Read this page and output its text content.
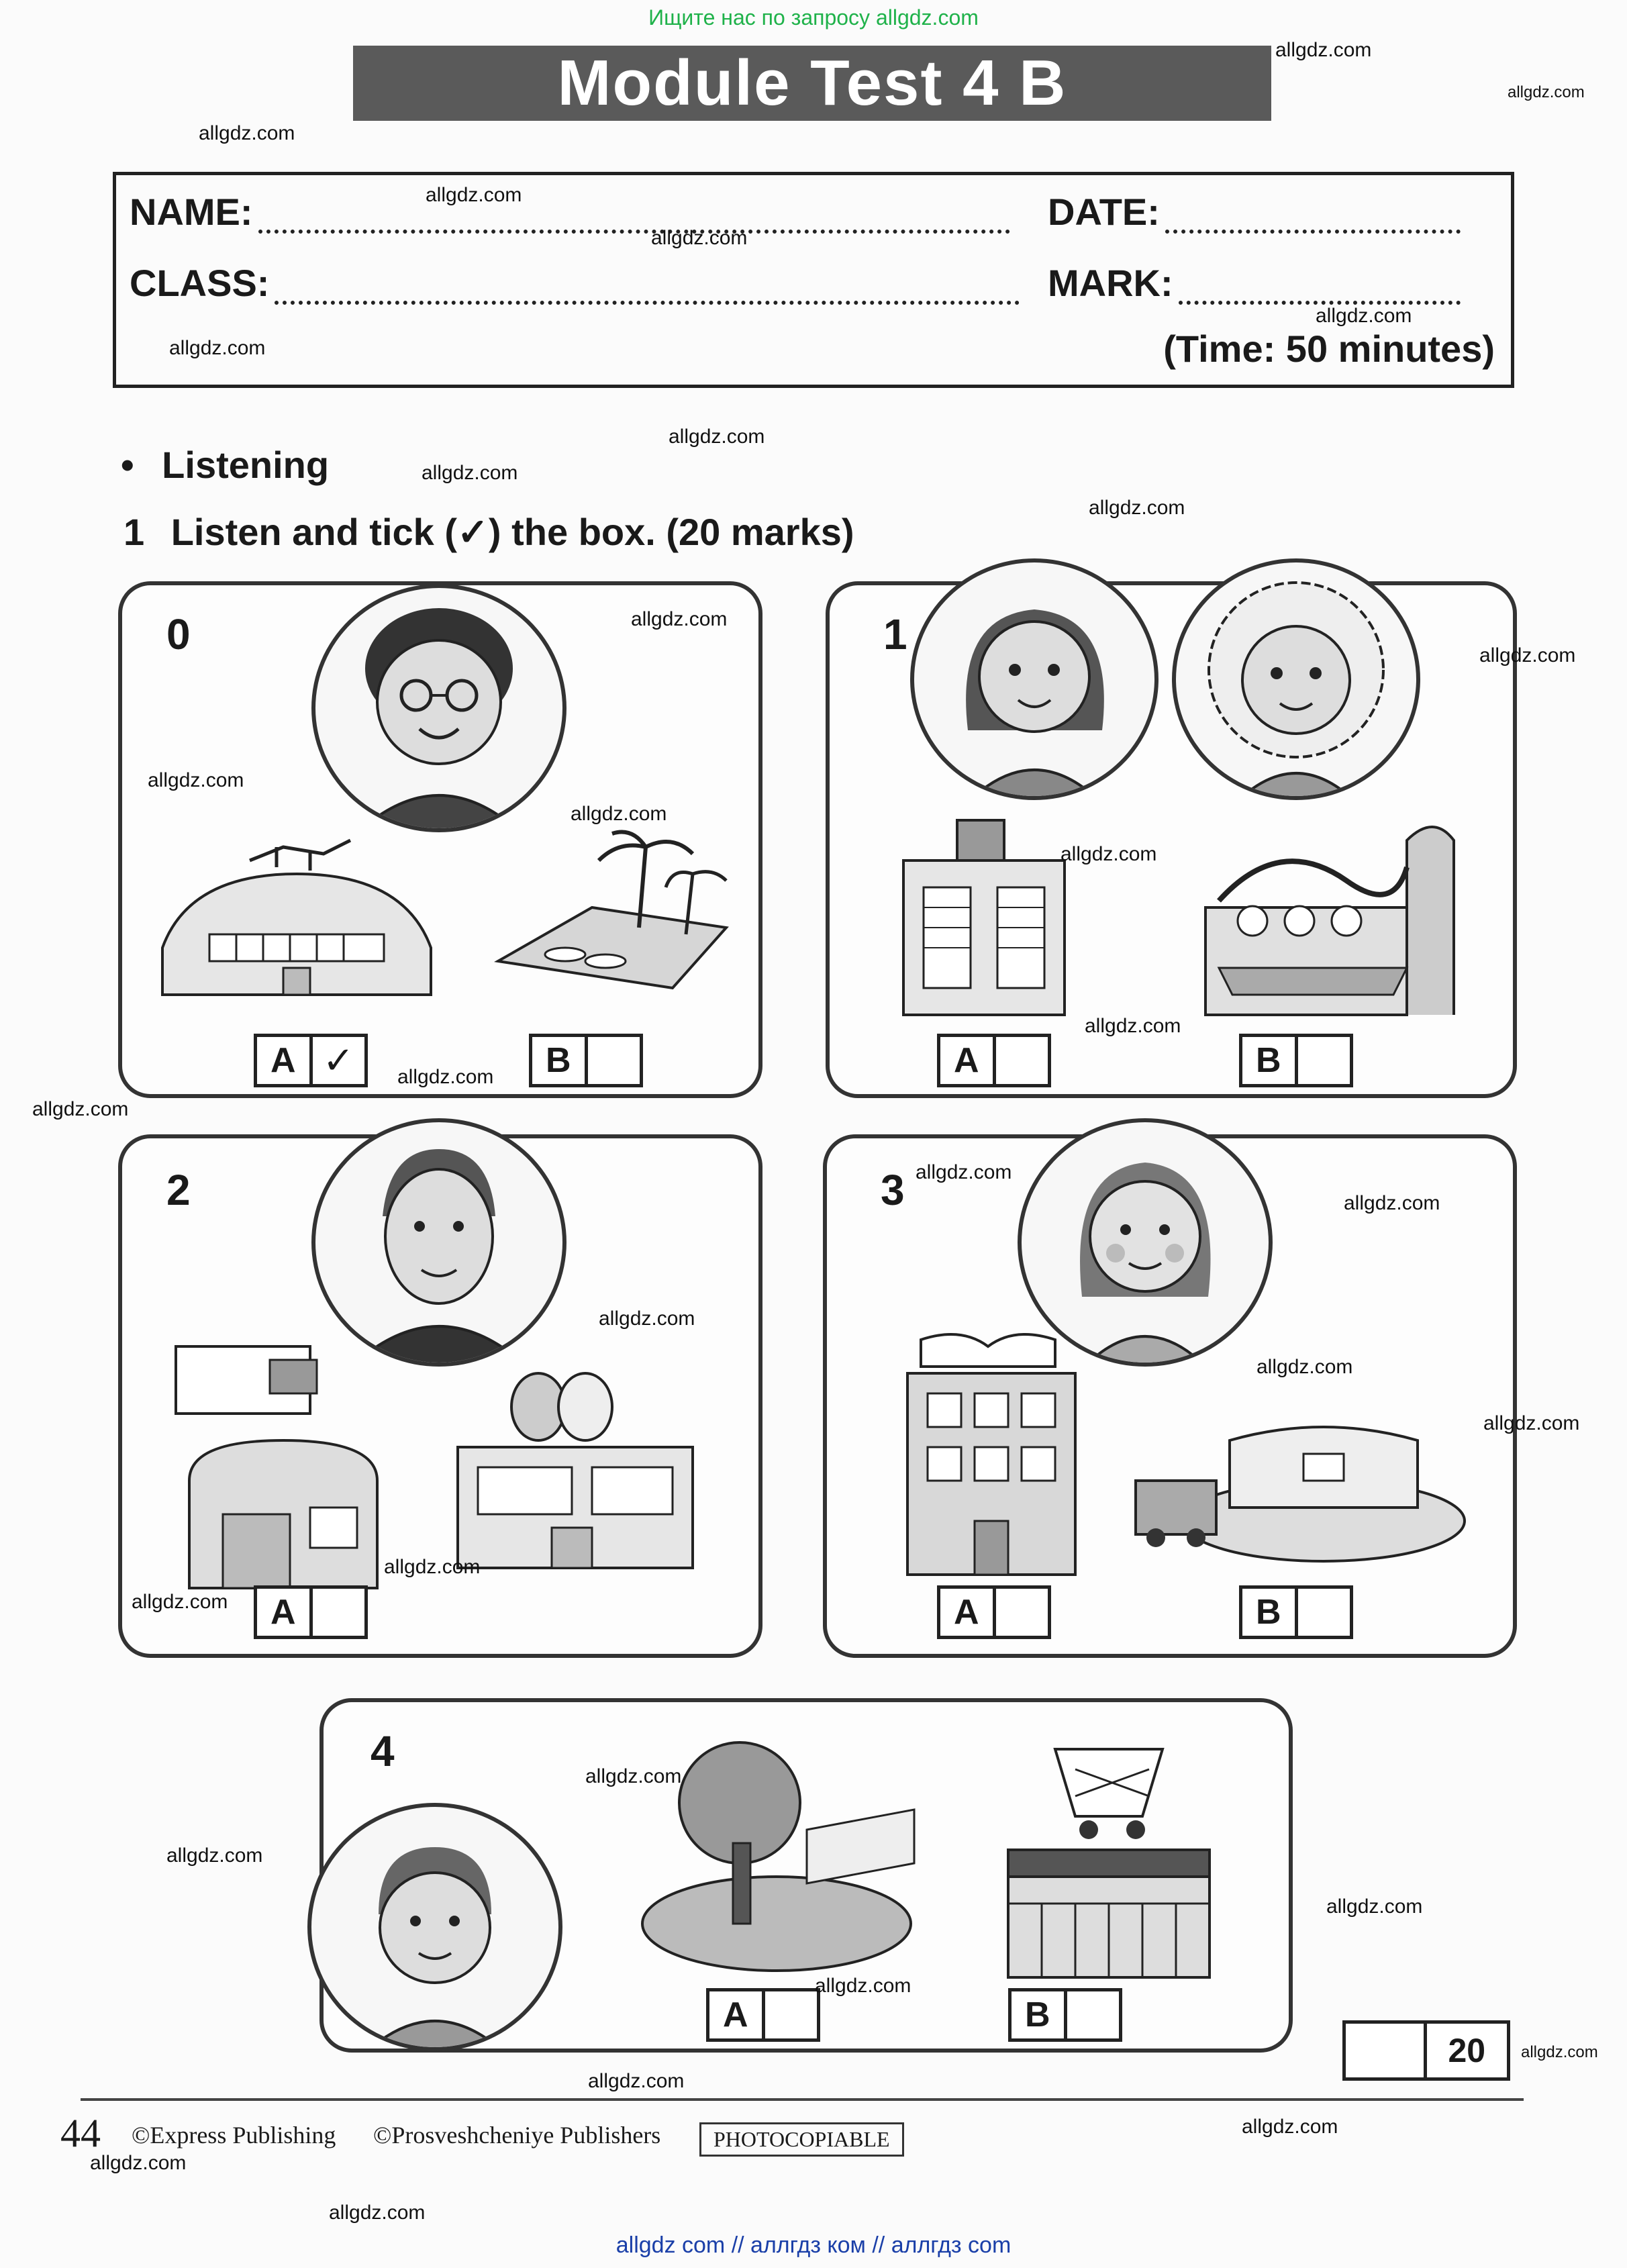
Ищите нас по запросу allgdz.com
Module Test 4 B
NAME:	DATE:
CLASS:	MARK:
(Time: 50 minutes)
• Listening
1 Listen and tick (✓) the box. (20 marks)
0
A ✓	B
1
A	B
2
A
3
A	B
4
A	B
20
44 ©Express Publishing ©Prosveshcheniye Publishers	PHOTOCOPIABLE
allgdz.com
allgdz.com
allgdz.com
allgdz.com
allgdz.com
allgdz.com
allgdz.com
allgdz.com
allgdz.com
allgdz.com
allgdz.com
allgdz.com
allgdz.com
allgdz.com
allgdz.com
allgdz.com
allgdz.com
allgdz.com
allgdz.com
allgdz.com
allgdz.com
allgdz.com
allgdz.com
allgdz.com
allgdz.com
allgdz.com
allgdz.com
allgdz.com
allgdz.com
allgdz.com
allgdz.com
allgdz.com
allgdz.com
allgdz.com
allgdz com // аллгдз ком // аллгдз com
